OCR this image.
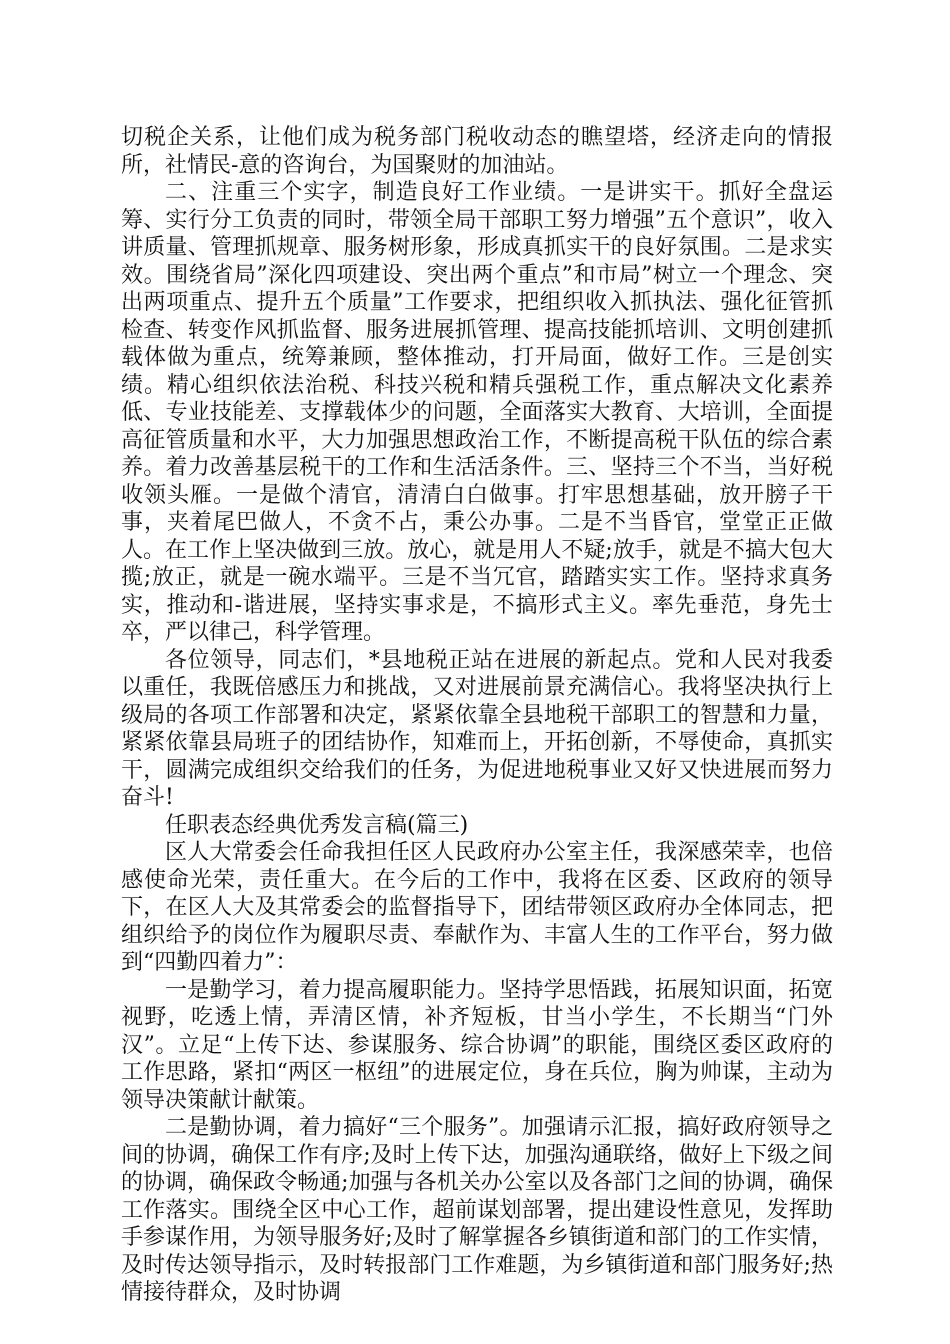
切税企关系，让他们成为税务部门税收动态的瞧望塔，经济走向的情报所，社情民-意的咨询台，为国聚财的加油站。

二、注重三个实字，制造良好工作业绩。一是讲实干。抓好全盘运筹、实行分工负责的同时，带领全局干部职工努力增强”五个意识”，收入讲质量、管理抓规章、服务树形象，形成真抓实干的良好氛围。二是求实效。围绕省局”深化四项建设、突出两个重点”和市局”树立一个理念、突出两项重点、提升五个质量”工作要求，把组织收入抓执法、强化征管抓检查、转变作风抓监督、服务进展抓管理、提高技能抓培训、文明创建抓载体做为重点，统筹兼顾，整体推动，打开局面，做好工作。三是创实绩。精心组织依法治税、科技兴税和精兵强税工作，重点解决文化素养低、专业技能差、支撑载体少的问题，全面落实大教育、大培训，全面提高征管质量和水平，大力加强思想政治工作，不断提高税干队伍的综合素养。着力改善基层税干的工作和生活活条件。三、坚持三个不当，当好税收领头雁。一是做个清官，清清白白做事。打牢思想基础，放开膀子干事，夹着尾巴做人，不贪不占，秉公办事。二是不当昏官，堂堂正正做人。在工作上坚决做到三放。放心，就是用人不疑;放手，就是不搞大包大揽;放正，就是一碗水端平。三是不当冗官，踏踏实实工作。坚持求真务实，推动和-谐进展，坚持实事求是，不搞形式主义。率先垂范，身先士卒，严以律己，科学管理。

各位领导，同志们，*县地税正站在进展的新起点。党和人民对我委以重任，我既倍感压力和挑战，又对进展前景充满信心。我将坚决执行上级局的各项工作部署和决定，紧紧依靠全县地税干部职工的智慧和力量，紧紧依靠县局班子的团结协作，知难而上，开拓创新，不辱使命，真抓实干，圆满完成组织交给我们的任务，为促进地税事业又好又快进展而努力奋斗!

任职表态经典优秀发言稿(篇三)

区人大常委会任命我担任区人民政府办公室主任，我深感荣幸，也倍感使命光荣，责任重大。在今后的工作中，我将在区委、区政府的领导下，在区人大及其常委会的监督指导下，团结带领区政府办全体同志，把组织给予的岗位作为履职尽责、奉献作为、丰富人生的工作平台，努力做到“四勤四着力”：

一是勤学习，着力提高履职能力。坚持学思悟践，拓展知识面，拓宽视野，吃透上情，弄清区情，补齐短板，甘当小学生，不长期当“门外汉”。立足“上传下达、参谋服务、综合协调”的职能，围绕区委区政府的工作思路，紧扣“两区一枢纽”的进展定位，身在兵位，胸为帅谋，主动为领导决策献计献策。

二是勤协调，着力搞好“三个服务”。加强请示汇报，搞好政府领导之间的协调，确保工作有序;及时上传下达，加强沟通联络，做好上下级之间的协调，确保政令畅通;加强与各机关办公室以及各部门之间的协调，确保工作落实。围绕全区中心工作，超前谋划部署，提出建设性意见，发挥助手参谋作用，为领导服务好;及时了解掌握各乡镇街道和部门的工作实情，及时传达领导指示，及时转报部门工作难题，为乡镇街道和部门服务好;热情接待群众，及时协调
